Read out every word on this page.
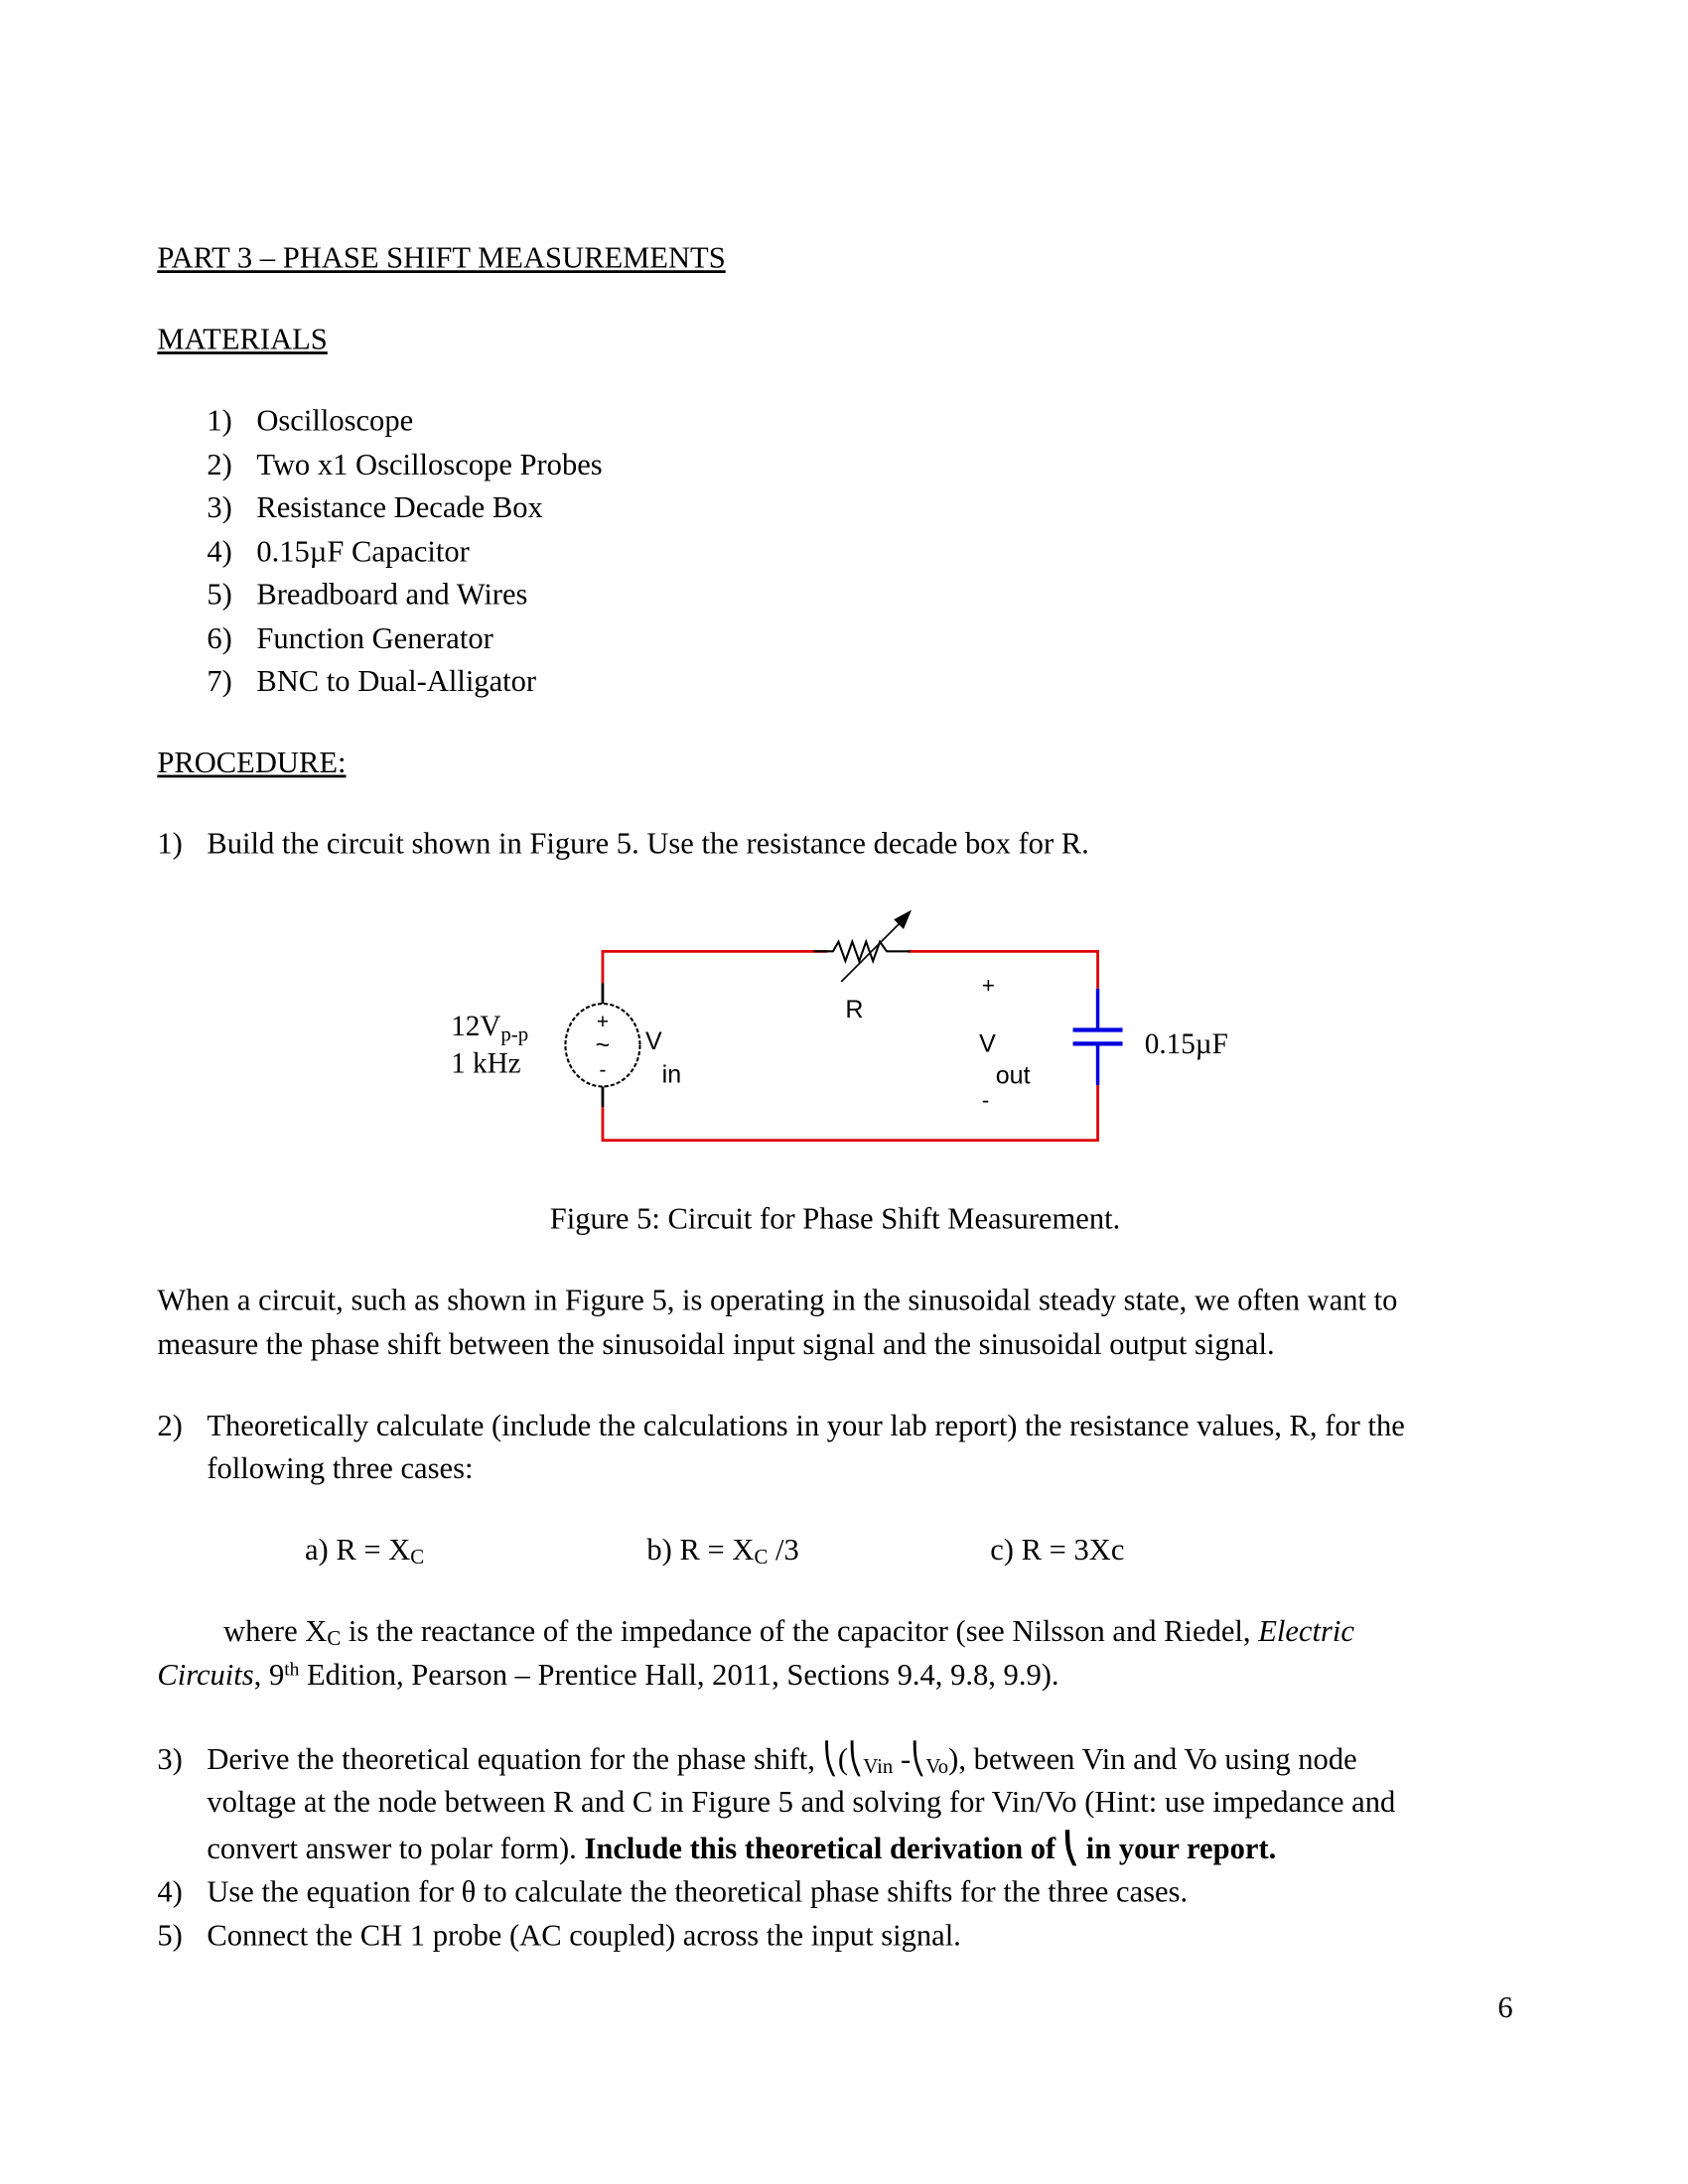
PART 3 – PHASE SHIFT MEASUREMENTS
MATERIALS
1) Oscilloscope
2) Two x1 Oscilloscope Probes
3) Resistance Decade Box
4) 0.15µF Capacitor
5) Breadboard and Wires
6) Function Generator
7) BNC to Dual-Alligator
PROCEDURE:
1) Build the circuit shown in Figure 5. Use the resistance decade box for R.
+
~
-
12Vp-p
1 kHz
V
in
R
+
V
out
-
0.15µF
Figure 5: Circuit for Phase Shift Measurement.
When a circuit, such as shown in Figure 5, is operating in the sinusoidal steady state, we often want to
measure the phase shift between the sinusoidal input signal and the sinusoidal output signal.
2) Theoretically calculate (include the calculations in your lab report) the resistance values, R, for the
following three cases:
a) $R = X_C$	b) $R = X_C$ /3	c) R = 3Xc
where $X_C$ is the reactance of the impedance of the capacitor (see Nilsson and Riedel, Electric
Circuits, 9th Edition, Pearson – Prentice Hall, 2011, Sections 9.4, 9.8, 9.9).
3) Derive the theoretical equation for the phase shift, $⎝(⎝_{Vin}$ $-⎝_{Vo}$), between Vin and Vo using node
voltage at the node between R and C in Figure 5 and solving for Vin/Vo (Hint: use impedance and
convert answer to polar form). Include this theoretical derivation of ⎝ in your report.
4) Use the equation for θ to calculate the theoretical phase shifts for the three cases.
5) Connect the CH 1 probe (AC coupled) across the input signal.
6
